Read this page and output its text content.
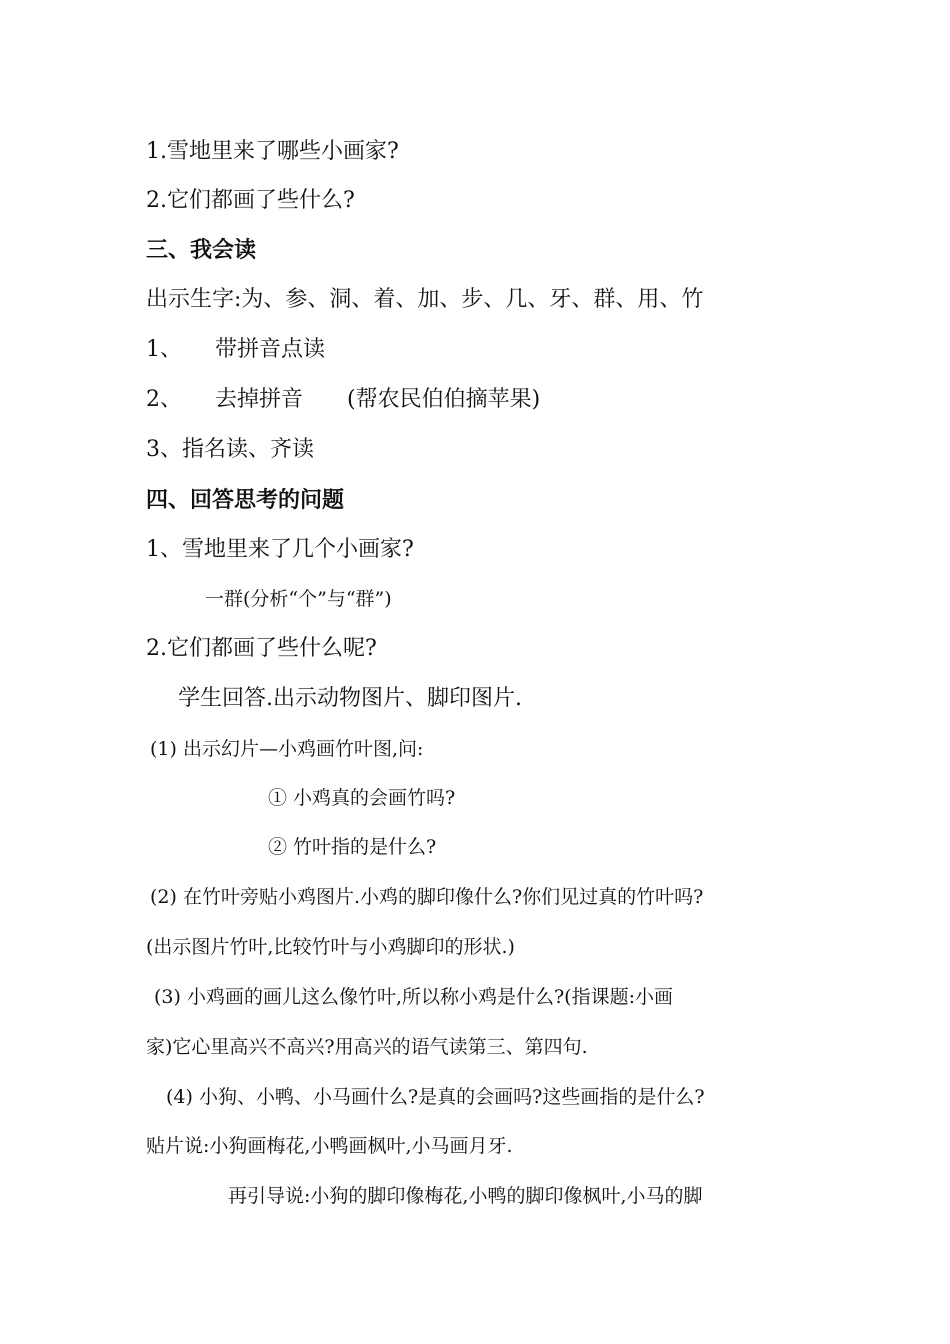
1.雪地里来了哪些小画家?
2.它们都画了些什么?
三、我会读
出示生字:为、参、洞、着、加、步、几、牙、群、用、竹
1、　　带拼音点读
2、　　去掉拼音　　(帮农民伯伯摘苹果)
3、指名读、齐读
四、回答思考的问题
1、雪地里来了几个小画家?
一群(分析“个”与“群”)
2.它们都画了些什么呢?
学生回答.出示动物图片、脚印图片.
(1) 出示幻片—小鸡画竹叶图,问:
① 小鸡真的会画竹吗?
② 竹叶指的是什么?
(2) 在竹叶旁贴小鸡图片.小鸡的脚印像什么?你们见过真的竹叶吗?
(出示图片竹叶,比较竹叶与小鸡脚印的形状.)
(3) 小鸡画的画儿这么像竹叶,所以称小鸡是什么?(指课题:小画
家)它心里高兴不高兴?用高兴的语气读第三、第四句.
(4) 小狗、小鸭、小马画什么?是真的会画吗?这些画指的是什么?
贴片说:小狗画梅花,小鸭画枫叶,小马画月牙.
再引导说:小狗的脚印像梅花,小鸭的脚印像枫叶,小马的脚
